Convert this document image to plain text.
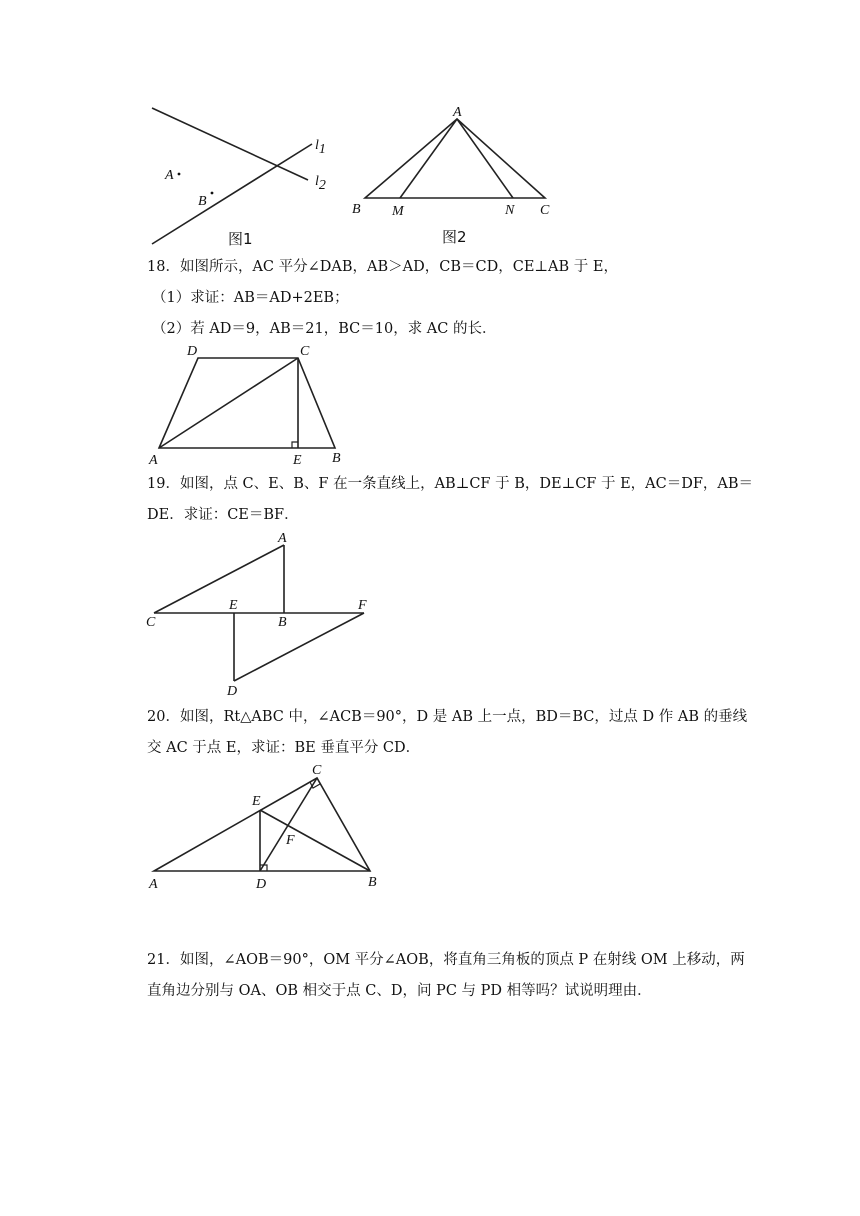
A
B
l1
l2
图1
A
B M	N C
图2
18．如图所示，AC 平分∠DAB，AB＞AD，CB＝CD，CE⊥AB 于 E，
（1）求证：AB＝AD+2EB；
（2）若 AD＝9，AB＝21，BC＝10，求 AC 的长．
D	C
A	E B
19．如图，点 C、E、B、F 在一条直线上，AB⊥CF 于 B，DE⊥CF 于 E，AC＝DF，AB＝
DE．求证：CE＝BF．
A
E	F
C	B
D
20．如图，Rt△ABC 中，∠ACB＝90°，D 是 AB 上一点，BD＝BC，过点 D 作 AB 的垂线
交 AC 于点 E，求证：BE 垂直平分 CD．
C
E
F
A	D	B
21．如图，∠AOB＝90°，OM 平分∠AOB，将直角三角板的顶点 P 在射线 OM 上移动，两
直角边分别与 OA、OB 相交于点 C、D，问 PC 与 PD 相等吗？试说明理由．
